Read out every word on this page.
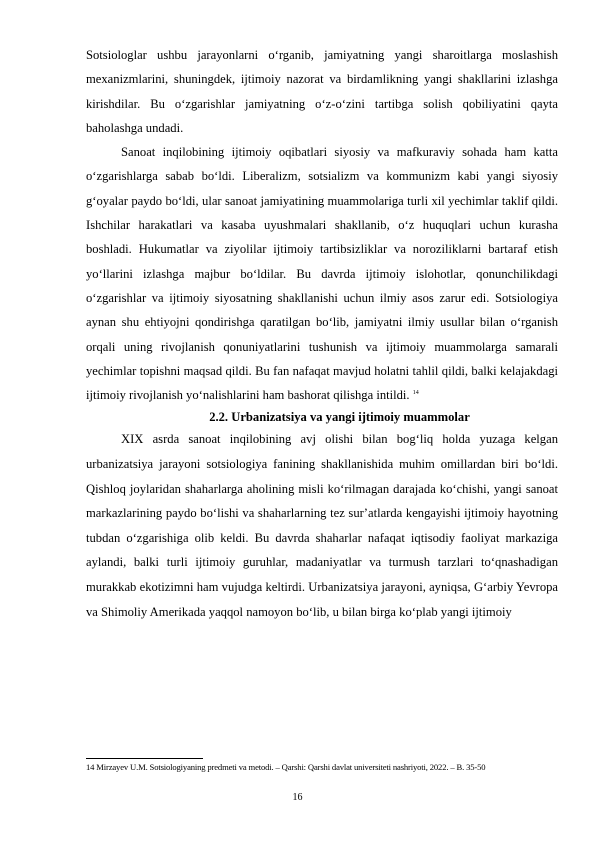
Sotsiologlar ushbu jarayonlarni oʻrganib, jamiyatning yangi sharoitlarga moslashish mexanizmlarini, shuningdek, ijtimoiy nazorat va birdamlikning yangi shakllarini izlashga kirishdilar. Bu oʻzgarishlar jamiyatning oʻz-oʻzini tartibga solish qobiliyatini qayta baholashga undadi.

Sanoat inqilobining ijtimoiy oqibatlari siyosiy va mafkuraviy sohada ham katta oʻzgarishlarga sabab boʻldi. Liberalizm, sotsializm va kommunizm kabi yangi siyosiy gʻoyalar paydo boʻldi, ular sanoat jamiyatining muammolariga turli xil yechimlar taklif qildi. Ishchilar harakatlari va kasaba uyushmalari shakllanib, oʻz huquqlari uchun kurasha boshladi. Hukumatlar va ziyolilar ijtimoiy tartibsizliklar va noroziliklarni bartaraf etish yoʻllarini izlashga majbur boʻldilar. Bu davrda ijtimoiy islohotlar, qonunchilikdagi oʻzgarishlar va ijtimoiy siyosatning shakllanishi uchun ilmiy asos zarur edi. Sotsiologiya aynan shu ehtiyojni qondirishga qaratilgan boʻlib, jamiyatni ilmiy usullar bilan oʻrganish orqali uning rivojlanish qonuniyatlarini tushunish va ijtimoiy muammolarga samarali yechimlar topishni maqsad qildi. Bu fan nafaqat mavjud holatni tahlil qildi, balki kelajakdagi ijtimoiy rivojlanish yoʻnalishlarini ham bashorat qilishga intildi. $^{14}$

2.2. Urbanizatsiya va yangi ijtimoiy muammolar

XIX asrda sanoat inqilobining avj olishi bilan bogʻliq holda yuzaga kelgan urbanizatsiya jarayoni sotsiologiya fanining shakllanishida muhim omillardan biri boʻldi. Qishloq joylaridan shaharlarga aholining misli koʻrilmagan darajada koʻchishi, yangi sanoat markazlarining paydo boʻlishi va shaharlarning tez surʼatlarda kengayishi ijtimoiy hayotning tubdan oʻzgarishiga olib keldi. Bu davrda shaharlar nafaqat iqtisodiy faoliyat markaziga aylandi, balki turli ijtimoiy guruhlar, madaniyatlar va turmush tarzlari toʻqnashadigan murakkab ekotizimni ham vujudga keltirdi. Urbanizatsiya jarayoni, ayniqsa, Gʻarbiy Yevropa va Shimoliy Amerikada yaqqol namoyon boʻlib, u bilan birga koʻplab yangi ijtimoiy

14 Mirzayev U.M. Sotsiologiyaning predmeti va metodi. – Qarshi: Qarshi davlat universiteti nashriyoti, 2022. – B. 35-50
16
